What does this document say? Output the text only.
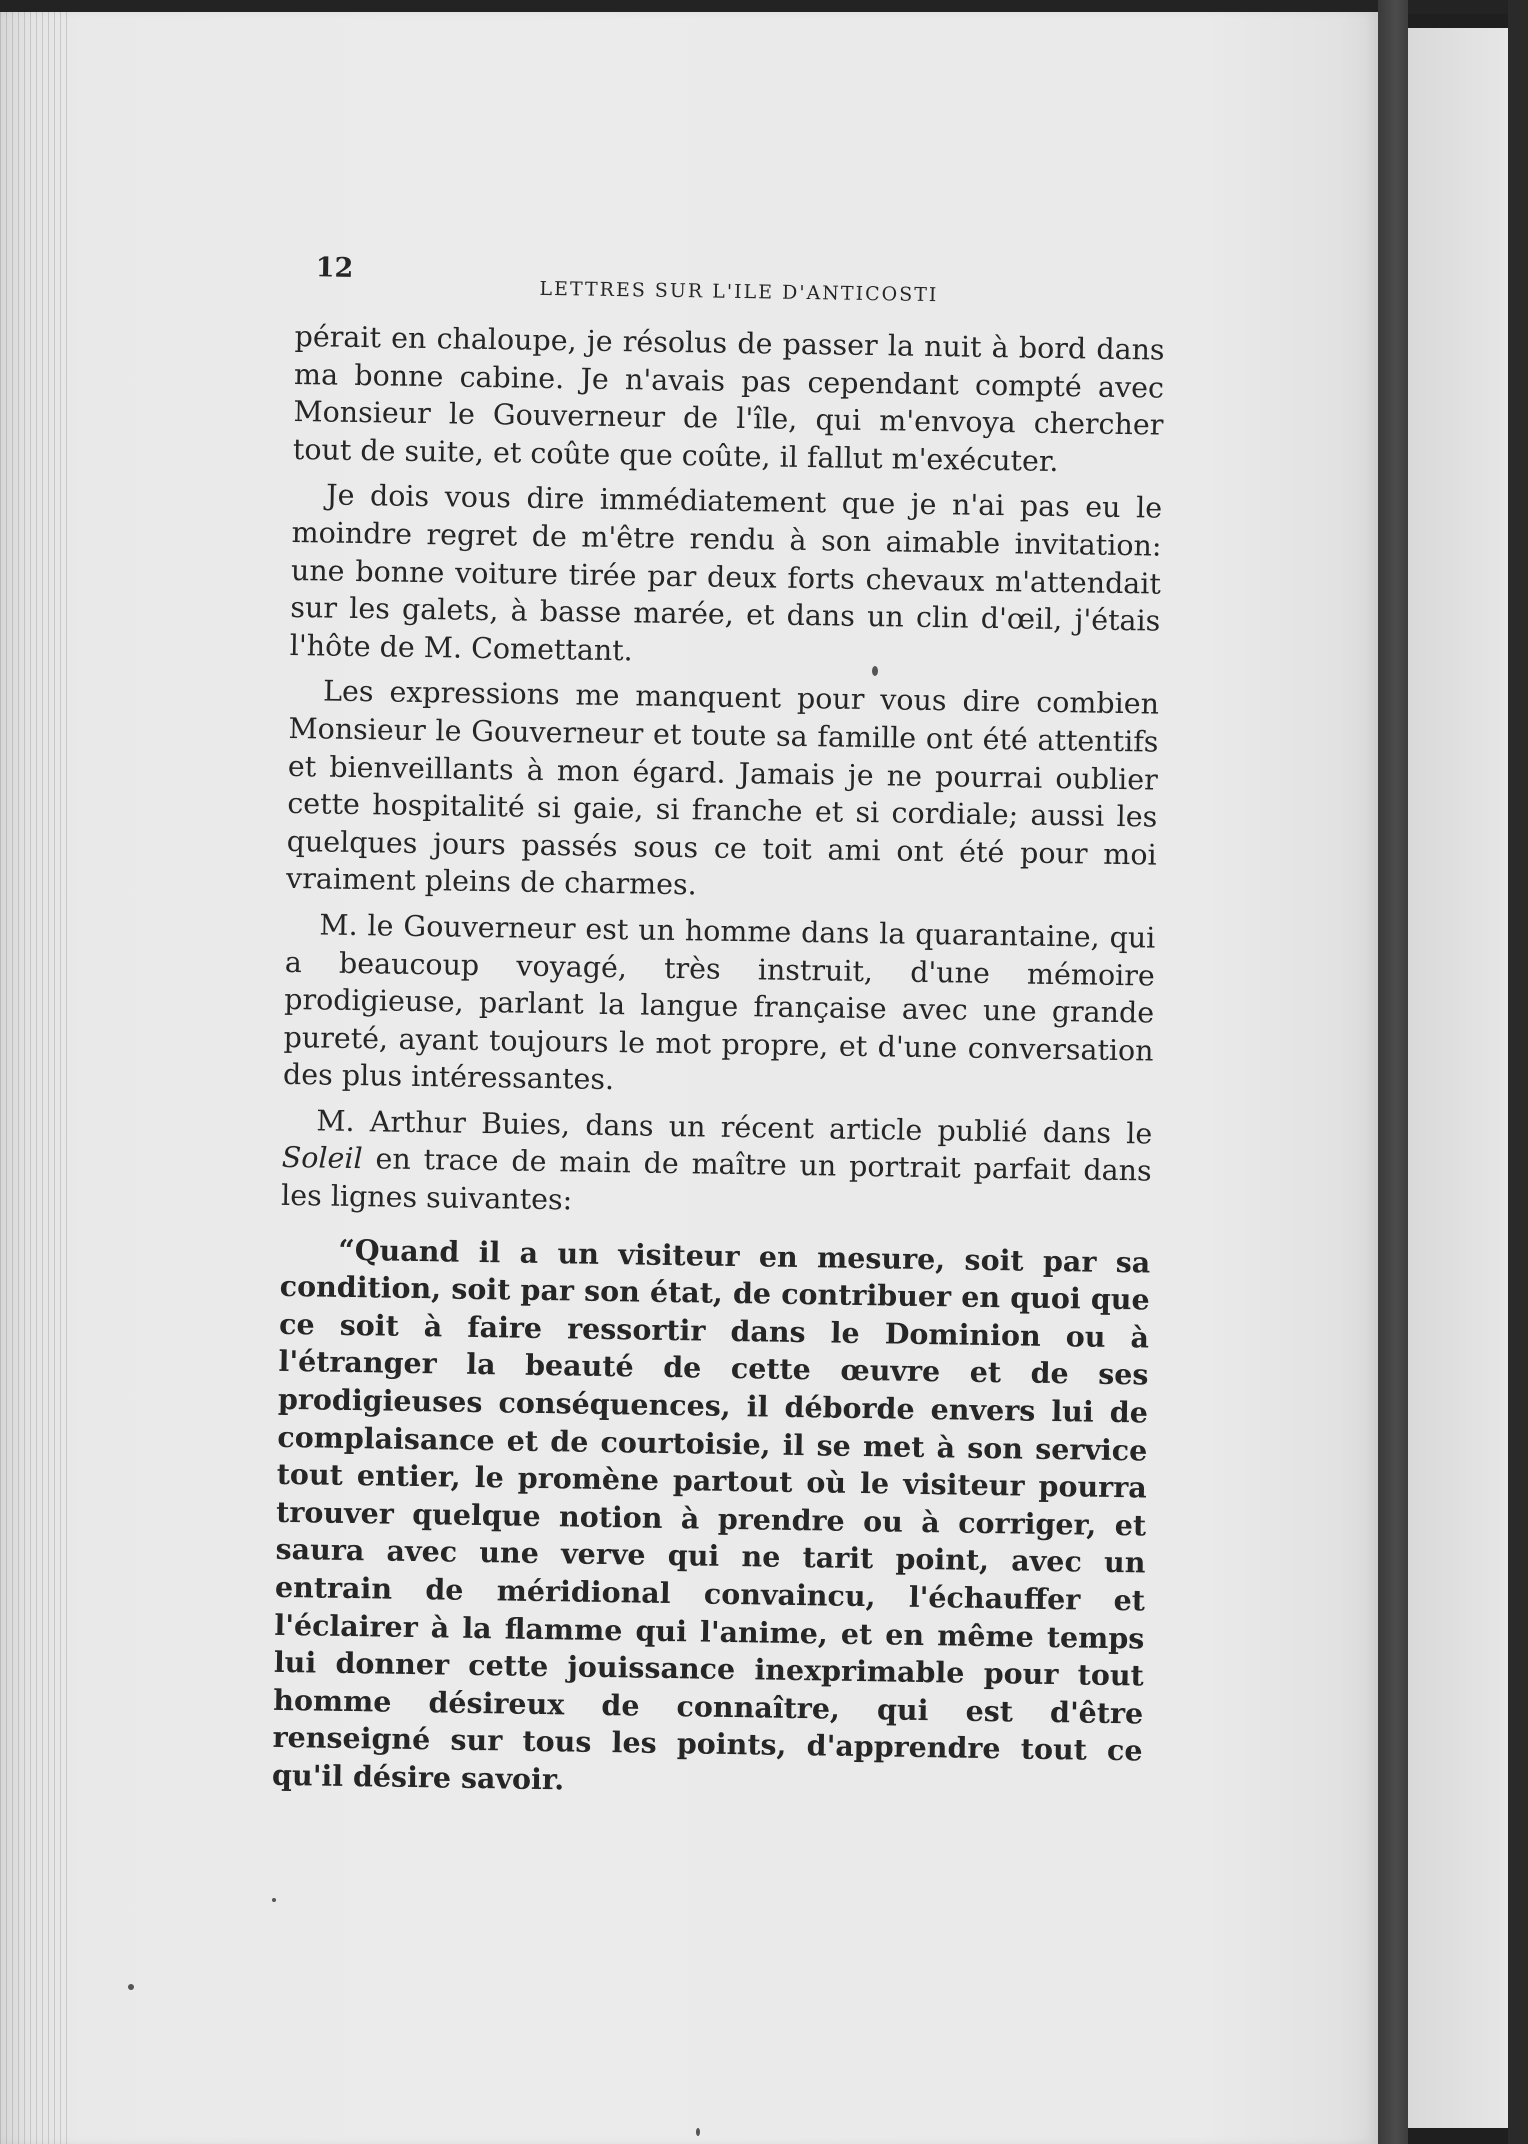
12
LETTRES SUR L'ILE D'ANTICOSTI

pérait en chaloupe, je résolus de passer la nuit à bord dans ma bonne cabine. Je n'avais pas cependant compté avec Monsieur le Gouverneur de l'île, qui m'envoya chercher tout de suite, et coûte que coûte, il fallut m'exécuter.

Je dois vous dire immédiatement que je n'ai pas eu le moindre regret de m'être rendu à son aimable invitation: une bonne voiture tirée par deux forts chevaux m'attendait sur les galets, à basse marée, et dans un clin d'œil, j'étais l'hôte de M. Comettant.

Les expressions me manquent pour vous dire combien Monsieur le Gouverneur et toute sa famille ont été attentifs et bienveillants à mon égard. Jamais je ne pourrai oublier cette hospitalité si gaie, si franche et si cordiale; aussi les quelques jours passés sous ce toit ami ont été pour moi vraiment pleins de charmes.

M. le Gouverneur est un homme dans la quarantaine, qui a beaucoup voyagé, très instruit, d'une mémoire prodigieuse, parlant la langue française avec une grande pureté, ayant toujours le mot propre, et d'une conversation des plus intéressantes.

M. Arthur Buies, dans un récent article publié dans le Soleil en trace de main de maître un portrait parfait dans les lignes suivantes:

“Quand il a un visiteur en mesure, soit par sa condition, soit par son état, de contribuer en quoi que ce soit à faire ressortir dans le Dominion ou à l'étranger la beauté de cette œuvre et de ses prodigieuses conséquences, il déborde envers lui de complaisance et de courtoisie, il se met à son service tout entier, le promène partout où le visiteur pourra trouver quelque notion à prendre ou à corriger, et saura avec une verve qui ne tarit point, avec un entrain de méridional convaincu, l'échauffer et l'éclairer à la flamme qui l'anime, et en même temps lui donner cette jouissance inexprimable pour tout homme désireux de connaître, qui est d'être renseigné sur tous les points, d'apprendre tout ce qu'il désire savoir.
